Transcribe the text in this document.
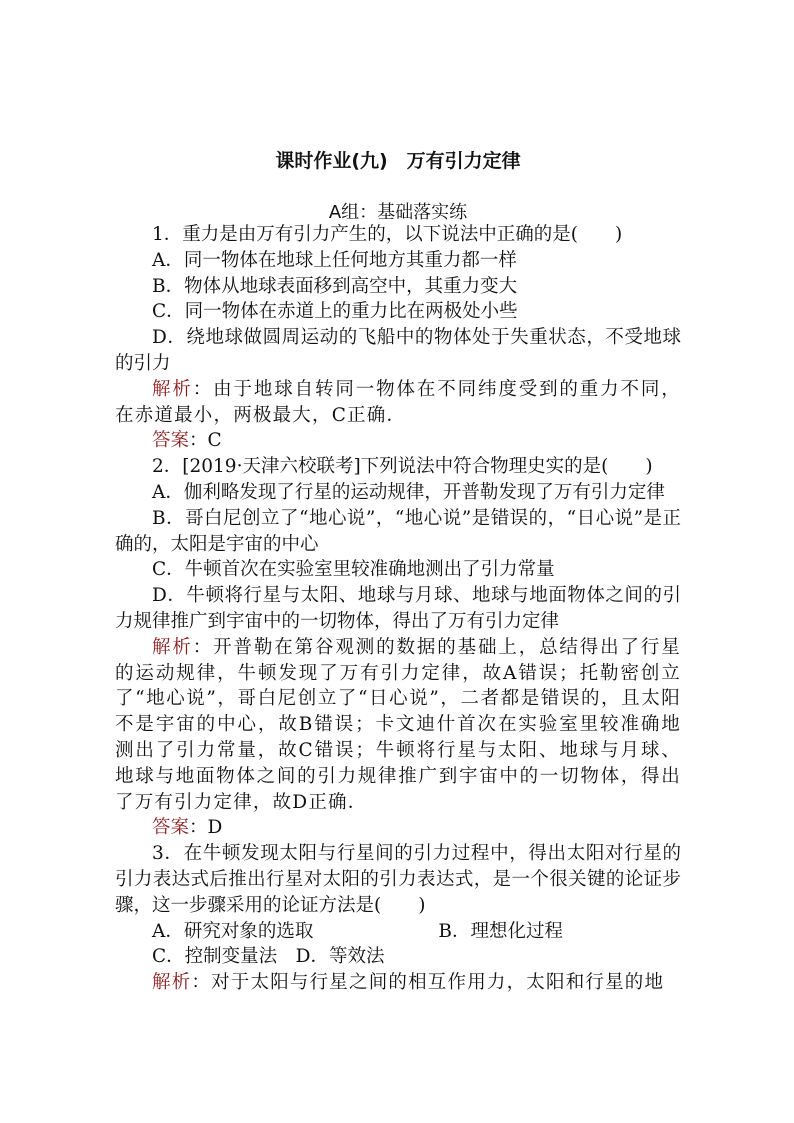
课时作业(九)　万有引力定律
A组：基础落实练

1．重力是由万有引力产生的，以下说法中正确的是(　　)

A．同一物体在地球上任何地方其重力都一样

B．物体从地球表面移到高空中，其重力变大

C．同一物体在赤道上的重力比在两极处小些

D．绕地球做圆周运动的飞船中的物体处于失重状态，不受地球的引力

解析：由于地球自转同一物体在不同纬度受到的重力不同，在赤道最小，两极最大，C正确．

答案：C

2．[2019·天津六校联考]下列说法中符合物理史实的是(　　)

A．伽利略发现了行星的运动规律，开普勒发现了万有引力定律

B．哥白尼创立了“地心说”，“地心说”是错误的，“日心说”是正确的，太阳是宇宙的中心

C．牛顿首次在实验室里较准确地测出了引力常量

D．牛顿将行星与太阳、地球与月球、地球与地面物体之间的引力规律推广到宇宙中的一切物体，得出了万有引力定律

解析：开普勒在第谷观测的数据的基础上，总结得出了行星的运动规律，牛顿发现了万有引力定律，故A错误；托勒密创立了“地心说”，哥白尼创立了“日心说”，二者都是错误的，且太阳不是宇宙的中心，故B错误；卡文迪什首次在实验室里较准确地测出了引力常量，故C错误；牛顿将行星与太阳、地球与月球、地球与地面物体之间的引力规律推广到宇宙中的一切物体，得出了万有引力定律，故D正确．

答案：D

3．在牛顿发现太阳与行星间的引力过程中，得出太阳对行星的引力表达式后推出行星对太阳的引力表达式，是一个很关键的论证步骤，这一步骤采用的论证方法是(　　)

A．研究对象的选取	B．理想化过程

C．控制变量法　 D．等效法

解析：对于太阳与行星之间的相互作用力，太阳和行星的地
